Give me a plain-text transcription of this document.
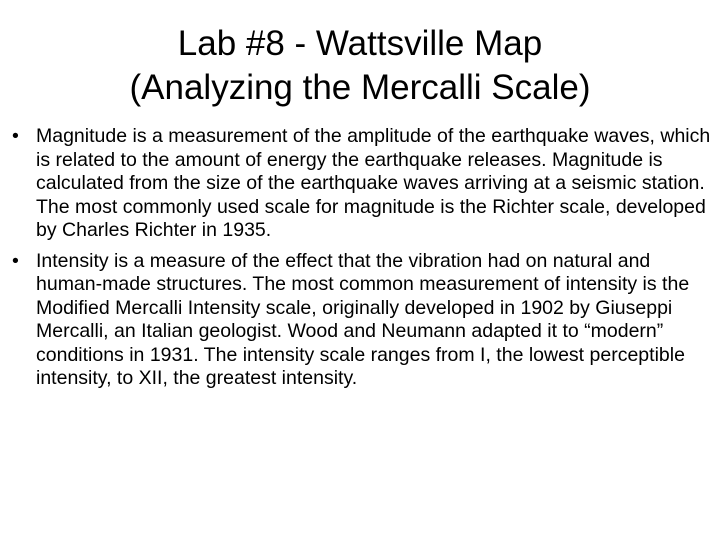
Lab #8 - Wattsville Map
(Analyzing the Mercalli Scale)
• Magnitude is a measurement of the amplitude of the earthquake waves, which is related to the amount of energy the earthquake releases. Magnitude is calculated from the size of the earthquake waves arriving at a seismic station. The most commonly used scale for magnitude is the Richter scale, developed by Charles Richter in 1935.
• Intensity is a measure of the effect that the vibration had on natural and human-made structures. The most common measurement of intensity is the Modified Mercalli Intensity scale, originally developed in 1902 by Giuseppi Mercalli, an Italian geologist. Wood and Neumann adapted it to “modern” conditions in 1931. The intensity scale ranges from I, the lowest perceptible intensity, to XII, the greatest intensity.
